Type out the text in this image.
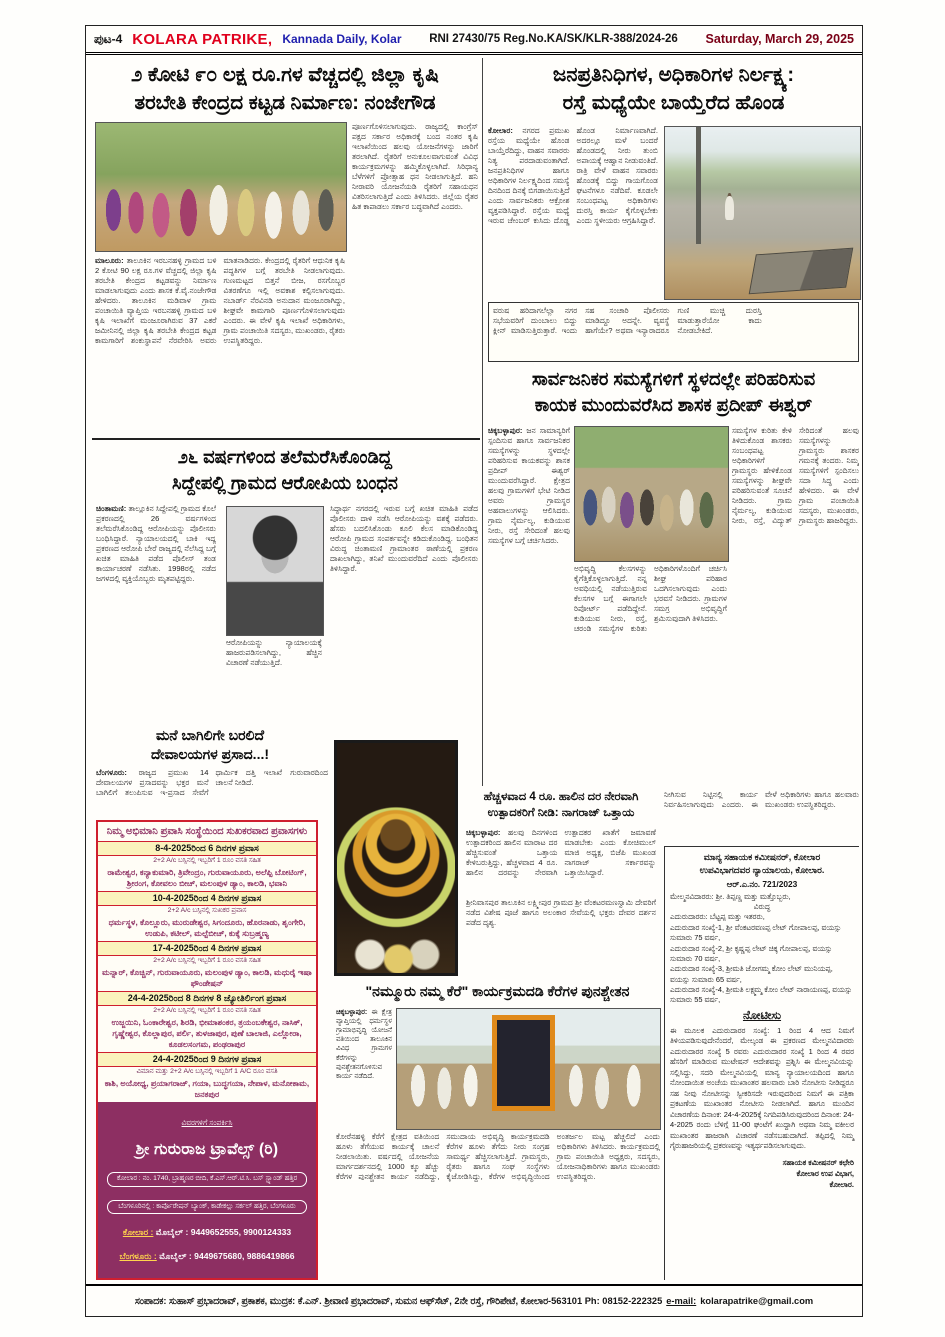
ಪುಟ-4 KOLARA PATRIKE, Kannada Daily, Kolar	RNI 27430/75 Reg.No.KA/SK/KLR-388/2024-26	Saturday, March 29, 2025
೨ ಕೋಟಿ ೯೦ ಲಕ್ಷ ರೂ.ಗಳ ವೆಚ್ಚದಲ್ಲಿ ಜಿಲ್ಲಾ ಕೃಷಿ
ತರಬೇತಿ ಕೇಂದ್ರದ ಕಟ್ಟಡ ನಿರ್ಮಾಣ: ನಂಜೇಗೌಡ
ಪೂರ್ಣಗೊಳಿಸಲಾಗುವುದು. ರಾಜ್ಯದಲ್ಲಿ ಕಾಂಗ್ರೆಸ್ ಪಕ್ಷದ ಸರ್ಕಾರ ಅಧಿಕಾರಕ್ಕೆ ಬಂದ ನಂತರ ಕೃಷಿ ಇಲಾಖೆಯಿಂದ ಹಲವು ಯೋಜನೆಗಳನ್ನು ಜಾರಿಗೆ ತರಲಾಗಿದೆ. ರೈತರಿಗೆ ಅನುಕೂಲವಾಗುವಂತೆ ವಿವಿಧ ಕಾರ್ಯಕ್ರಮಗಳನ್ನು ಹಮ್ಮಿಕೊಳ್ಳಲಾಗಿದೆ. ಸಿರಿಧಾನ್ಯ ಬೆಳೆಗಳಿಗೆ ಪ್ರೋತ್ಸಾಹ ಧನ ನೀಡಲಾಗುತ್ತಿದೆ. ಹನಿ ನೀರಾವರಿ ಯೋಜನೆಯಡಿ ರೈತರಿಗೆ ಸಹಾಯಧನ ವಿತರಿಸಲಾಗುತ್ತಿದೆ ಎಂದು ತಿಳಿಸಿದರು. ಜಿಲ್ಲೆಯ ರೈತರ ಹಿತ ಕಾಪಾಡಲು ಸರ್ಕಾರ ಬದ್ಧವಾಗಿದೆ ಎಂದರು.
ಮಾಲೂರು: ತಾಲೂಕಿನ ಇರಬನಹಳ್ಳಿ ಗ್ರಾಮದ ಬಳಿ 2 ಕೋಟಿ 90 ಲಕ್ಷ ರೂ.ಗಳ ವೆಚ್ಚದಲ್ಲಿ ಜಿಲ್ಲಾ ಕೃಷಿ ತರಬೇತಿ ಕೇಂದ್ರದ ಕಟ್ಟಡವನ್ನು ನಿರ್ಮಾಣ ಮಾಡಲಾಗುವುದು ಎಂದು ಶಾಸಕ ಕೆ.ವೈ.ನಂಜೇಗೌಡ ಹೇಳಿದರು. ತಾಲೂಕಿನ ಮಡಿವಾಳ ಗ್ರಾಮ ಪಂಚಾಯಿತಿ ವ್ಯಾಪ್ತಿಯ ಇರಬನಹಳ್ಳಿ ಗ್ರಾಮದ ಬಳಿ ಕೃಷಿ ಇಲಾಖೆಗೆ ಮಂಜೂರಾಗಿರುವ 37 ಎಕರೆ ಜಮೀನಿನಲ್ಲಿ ಜಿಲ್ಲಾ ಕೃಷಿ ತರಬೇತಿ ಕೇಂದ್ರದ ಕಟ್ಟಡ ಕಾಮಗಾರಿಗೆ ಶಂಕುಸ್ಥಾಪನೆ ನೆರವೇರಿಸಿ ಅವರು ಮಾತನಾಡಿದರು. ಕೇಂದ್ರದಲ್ಲಿ ರೈತರಿಗೆ ಆಧುನಿಕ ಕೃಷಿ ಪದ್ಧತಿಗಳ ಬಗ್ಗೆ ತರಬೇತಿ ನೀಡಲಾಗುವುದು. ಗುಣಮಟ್ಟದ ಬಿತ್ತನೆ ಬೀಜ, ರಸಗೊಬ್ಬರ ವಿತರಣೆಗೂ ಇಲ್ಲಿ ಅವಕಾಶ ಕಲ್ಪಿಸಲಾಗುವುದು. ನಬಾರ್ಡ್ ನೆರವಿನಡಿ ಅನುದಾನ ಮಂಜೂರಾಗಿದ್ದು, ಶೀಘ್ರವೇ ಕಾಮಗಾರಿ ಪೂರ್ಣಗೊಳಿಸಲಾಗುವುದು ಎಂದರು. ಈ ವೇಳೆ ಕೃಷಿ ಇಲಾಖೆ ಅಧಿಕಾರಿಗಳು, ಗ್ರಾಮ ಪಂಚಾಯಿತಿ ಸದಸ್ಯರು, ಮುಖಂಡರು, ರೈತರು ಉಪಸ್ಥಿತರಿದ್ದರು.
೨೬ ವರ್ಷಗಳಿಂದ ತಲೆಮರೆಸಿಕೊಂಡಿದ್ದ
ಸಿದ್ದೇಪಲ್ಲಿ ಗ್ರಾಮದ ಆರೋಪಿಯ ಬಂಧನ
ಚಿಂತಾಮಣಿ: ತಾಲ್ಲೂಕಿನ ಸಿದ್ದೇಪಲ್ಲಿ ಗ್ರಾಮದ ಕೊಲೆ ಪ್ರಕರಣದಲ್ಲಿ 26 ವರ್ಷಗಳಿಂದ ತಲೆಮರೆಸಿಕೊಂಡಿದ್ದ ಆರೋಪಿಯನ್ನು ಪೊಲೀಸರು ಬಂಧಿಸಿದ್ದಾರೆ. ನ್ಯಾಯಾಲಯದಲ್ಲಿ ಬಾಕಿ ಇದ್ದ ಪ್ರಕರಣದ ಆರೋಪಿ ಬೇರೆ ರಾಜ್ಯದಲ್ಲಿ ನೆಲೆಸಿದ್ದ ಬಗ್ಗೆ ಖಚಿತ ಮಾಹಿತಿ ಪಡೆದ ಪೊಲೀಸ್ ತಂಡ ಕಾರ್ಯಾಚರಣೆ ನಡೆಸಿತು. 1998ರಲ್ಲಿ ನಡೆದ ಜಗಳದಲ್ಲಿ ವ್ಯಕ್ತಿಯೊಬ್ಬರು ಮೃತಪಟ್ಟಿದ್ದರು.
ಆರೋಪಿಯನ್ನು ನ್ಯಾಯಾಲಯಕ್ಕೆ ಹಾಜರುಪಡಿಸಲಾಗಿದ್ದು, ಹೆಚ್ಚಿನ ವಿಚಾರಣೆ ನಡೆಯುತ್ತಿದೆ.
ಸಿದ್ಧಾರ್ಥ ನಗರದಲ್ಲಿ ಇರುವ ಬಗ್ಗೆ ಖಚಿತ ಮಾಹಿತಿ ಪಡೆದ ಪೊಲೀಸರು ದಾಳಿ ನಡೆಸಿ ಆರೋಪಿಯನ್ನು ವಶಕ್ಕೆ ಪಡೆದರು. ಹೆಸರು ಬದಲಿಸಿಕೊಂಡು ಕೂಲಿ ಕೆಲಸ ಮಾಡಿಕೊಂಡಿದ್ದ ಆರೋಪಿ ಗ್ರಾಮದ ಸಂಪರ್ಕವನ್ನೇ ಕಡಿದುಕೊಂಡಿದ್ದ. ಬಂಧಿತನ ವಿರುದ್ಧ ಚಿಂತಾಮಣಿ ಗ್ರಾಮಾಂತರ ಠಾಣೆಯಲ್ಲಿ ಪ್ರಕರಣ ದಾಖಲಾಗಿದ್ದು, ತನಿಖೆ ಮುಂದುವರೆದಿದೆ ಎಂದು ಪೊಲೀಸರು ತಿಳಿಸಿದ್ದಾರೆ.
ಮನೆ ಬಾಗಿಲಿಗೇ ಬರಲಿದೆ
ದೇವಾಲಯಗಳ ಪ್ರಸಾದ...!
ಬೆಂಗಳೂರು: ರಾಜ್ಯದ ಪ್ರಮುಖ 14 ದೇವಾಲಯಗಳ ಪ್ರಸಾದವನ್ನು ಭಕ್ತರ ಮನೆ ಬಾಗಿಲಿಗೆ ತಲುಪಿಸುವ ಇ-ಪ್ರಸಾದ ಸೇವೆಗೆ ಧಾರ್ಮಿಕ ದತ್ತಿ ಇಲಾಖೆ ಗುರುವಾರದಿಂದ ಚಾಲನೆ ನೀಡಿದೆ.
ನಿಮ್ಮ ಅಭಿಮಾನಿ ಪ್ರವಾಸಿ ಸಂಸ್ಥೆಯಿಂದ ಸುಖಕರವಾದ ಪ್ರವಾಸಗಳು
8-4-2025ರಿಂದ 6 ದಿನಗಳ ಪ್ರವಾಸ
2+2 A/c ಬಸ್ಸಿನಲ್ಲಿ ಇಬ್ಬರಿಗೆ 1 ರೂಂ ವಸತಿ ಸಹಿತ
ರಾಮೇಶ್ವರ, ಕನ್ಯಾಕುಮಾರಿ, ತ್ರಿವೇಂದ್ರಂ, ಗುರುವಾಯೂರು, ಅಲೆಪ್ಪಿ ಬೋಟಿಂಗ್, ಶ್ರೀರಂಗ, ಕೋವಲಂ ಬೀಚ್, ಮಲಂಪುಳ ಡ್ಯಾಂ, ಕಾಲಡಿ, ಭವಾನಿ
10-4-2025ರಿಂದ 4 ದಿನಗಳ ಪ್ರವಾಸ
2+2 A/c ಬಸ್ಸಿನಲ್ಲಿ ಸುಖಕರ ಪ್ರವಾಸ
ಧರ್ಮಸ್ಥಳ, ಕೊಲ್ಲೂರು, ಮುರುಡೇಶ್ವರ, ಸಿಗಂದೂರು, ಹೊರನಾಡು, ಶೃಂಗೇರಿ, ಉಡುಪಿ, ಕಟೀಲ್, ಮಲ್ಪೆಬೀಚ್, ಕುಕ್ಕೆ ಸುಬ್ರಹ್ಮಣ್ಯ
17-4-2025ರಿಂದ 4 ದಿನಗಳ ಪ್ರವಾಸ
2+2 A/c ಬಸ್ಸಿನಲ್ಲಿ ಇಬ್ಬರಿಗೆ 1 ರೂಂ ವಸತಿ ಸಹಿತ
ಮನ್ನಾರ್, ಕೊಚ್ಚಿನ್, ಗುರುವಾಯೂರು, ಮಲಂಪುಳ ಡ್ಯಾಂ, ಕಾಲಡಿ, ಮಧುರೈ ಇಷಾ ಫೌಂಡೇಷನ್
24-4-2025ರಿಂದ 8 ದಿನಗಳ 8 ಜ್ಯೋತಿರ್ಲಿಂಗ ಪ್ರವಾಸ
2+2 A/c ಬಸ್ಸಿನಲ್ಲಿ ಇಬ್ಬರಿಗೆ 1 ರೂಂ ವಸತಿ ಸಹಿತ
ಉಜ್ಜಯಿನಿ, ಓಂಕಾರೇಶ್ವರ, ಶಿರಡಿ, ಭೀಮಾಶಂಕರ, ತ್ರಯಂಬಕೇಶ್ವರ, ನಾಸಿಕ್, ಗೃಷ್ಣೇಶ್ವರ, ಕೊಲ್ಲಾಪುರ, ಪರ್ಲಿ, ತುಳಜಾಪುರ, ಪುಣೆ ಬಾಲಾಜಿ, ಎಲ್ಲೋರಾ, ಕೂಡಲಸಂಗಮ, ಪಂಢರಾಪುರ
24-4-2025ರಿಂದ 9 ದಿನಗಳ ಪ್ರವಾಸ
ವಿಮಾನ ಮತ್ತು 2+2 A/c ಬಸ್ಸಿನಲ್ಲಿ ಇಬ್ಬರಿಗೆ 1 A/C ರೂಂ ವಸತಿ
ಕಾಶಿ, ಅಯೋಧ್ಯ, ಪ್ರಯಾಗರಾಜ್, ಗಯಾ, ಬುದ್ಧಗಯಾ, ನೇಪಾಳ, ಮನೋಕಾಮ, ಜನಕಪುರ
ವಿವರಗಳಿಗೆ ಸಂಪರ್ಕಿಸಿ
ಶ್ರೀ ಗುರುರಾಜ ಟ್ರಾವೆಲ್ಸ್ (ರಿ)
ಕೋಲಾರ : ನಂ. 1740, ಬ್ರಾಹ್ಮಣರ ಬೀದಿ, ಕೆ.ಎಸ್.ಆರ್.ಟಿ.ಸಿ. ಬಸ್ ಸ್ಟ್ಯಾಂಡ್ ಹತ್ತಿರ
ಬೆಂಗಳೂರಿನಲ್ಲಿ : ಕಾರ್ಪೊರೇಷನ್ ಬ್ಯಾಂಕ್, ಕಾಡೇಕಲ್ಲು ಸರ್ಕಲ್ ಹತ್ತಿರ, ಬೆಂಗಳೂರು
ಕೋಲಾರ : ಮೊಬೈಲ್ : 9449652555, 9900124333
ಬೆಂಗಳೂರು : ಮೊಬೈಲ್ : 9449675680, 9886419866
ಹೆಚ್ಚಳವಾದ 4 ರೂ. ಹಾಲಿನ ದರ ನೇರವಾಗಿ
ಉತ್ಪಾದಕರಿಗೆ ನೀಡಿ: ನಾಗರಾಜ್ ಒತ್ತಾಯ
ಚಿಕ್ಕಬಳ್ಳಾಪುರ: ಹಲವು ದಿನಗಳಿಂದ ಉತ್ಪಾದಕರಿಂದ ಹಾಲಿನ ಮಾರಾಟ ದರ ಹೆಚ್ಚಿಸುವಂತೆ ಒತ್ತಾಯ ಕೇಳಿಬರುತ್ತಿದ್ದು, ಹೆಚ್ಚಳವಾದ 4 ರೂ. ಹಾಲಿನ ದರವನ್ನು ನೇರವಾಗಿ ಉತ್ಪಾದಕರ ಖಾತೆಗೆ ಜಮಾವಣೆ ಮಾಡಬೇಕು ಎಂದು ಕೋಚಿಮುಲ್ ಮಾಜಿ ಅಧ್ಯಕ್ಷ, ಬಿಜೆಪಿ ಮುಖಂಡ ನಾಗರಾಜ್ ಸರ್ಕಾರವನ್ನು ಒತ್ತಾಯಿಸಿದ್ದಾರೆ.
ಶ್ರೀನಿವಾಸಪುರ ತಾಲೂಕಿನ ಲಕ್ಷ್ಮೀಪುರ ಗ್ರಾಮದ ಶ್ರೀ ವೆಂಕಟರಮಣಸ್ವಾಮಿ ದೇವರಿಗೆ ನಡೆದ ವಿಶೇಷ ಪೂಜೆ ಹಾಗೂ ಅಲಂಕಾರ ಸೇವೆಯಲ್ಲಿ ಭಕ್ತರು ದೇವರ ದರ್ಶನ ಪಡೆದ ದೃಶ್ಯ.
"ನಮ್ಮೂರು ನಮ್ಮ ಕೆರೆ" ಕಾರ್ಯಕ್ರಮದಡಿ ಕೆರೆಗಳ ಪುನಶ್ಚೇತನ
ಚಿಕ್ಕಬಳ್ಳಾಪುರ: ಈ ಕ್ಷೇತ್ರ ವ್ಯಾಪ್ತಿಯಲ್ಲಿ ಧರ್ಮಸ್ಥಳ ಗ್ರಾಮಾಭಿವೃದ್ಧಿ ಯೋಜನೆ ವತಿಯಿಂದ ತಾಲೂಕಿನ ವಿವಿಧ ಗ್ರಾಮಗಳ ಕೆರೆಗಳನ್ನು ಪುನಶ್ಚೇತನಗೊಳಿಸುವ ಕಾರ್ಯ ನಡೆದಿದೆ.
ಕೋರೆನಹಳ್ಳಿ ಕೆರೆಗೆ ಕ್ಷೇತ್ರದ ವತಿಯಿಂದ ಹೂಳು ತೆಗೆಯುವ ಕಾರ್ಯಕ್ಕೆ ಚಾಲನೆ ನೀಡಲಾಯಿತು. ವರ್ಷದಲ್ಲಿ ಯೋಜನೆಯ ಮಾರ್ಗದರ್ಶನದಲ್ಲಿ 1000 ಕ್ಕೂ ಹೆಚ್ಚು ಕೆರೆಗಳ ಪುನಶ್ಚೇತನ ಕಾರ್ಯ ನಡೆದಿದ್ದು, ಸಮುದಾಯ ಅಭಿವೃದ್ಧಿ ಕಾರ್ಯಕ್ರಮದಡಿ ಕೆರೆಗಳ ಹೂಳು ತೆಗೆದು ನೀರು ಸಂಗ್ರಹ ಸಾಮರ್ಥ್ಯ ಹೆಚ್ಚಿಸಲಾಗುತ್ತಿದೆ. ಗ್ರಾಮಸ್ಥರು, ರೈತರು ಹಾಗೂ ಸಂಘ ಸಂಸ್ಥೆಗಳು ಕೈಜೋಡಿಸಿದ್ದು, ಕೆರೆಗಳ ಅಭಿವೃದ್ಧಿಯಿಂದ ಅಂತರ್ಜಲ ಮಟ್ಟ ಹೆಚ್ಚಲಿದೆ ಎಂದು ಅಧಿಕಾರಿಗಳು ತಿಳಿಸಿದರು. ಕಾರ್ಯಕ್ರಮದಲ್ಲಿ ಗ್ರಾಮ ಪಂಚಾಯಿತಿ ಅಧ್ಯಕ್ಷರು, ಸದಸ್ಯರು, ಯೋಜನಾಧಿಕಾರಿಗಳು ಹಾಗೂ ಮುಖಂಡರು ಉಪಸ್ಥಿತರಿದ್ದರು.
ಜನಪ್ರತಿನಿಧಿಗಳ, ಅಧಿಕಾರಿಗಳ ನಿರ್ಲಕ್ಷ್ಯ:
ರಸ್ತೆ ಮಧ್ಯೆಯೇ ಬಾಯ್ತೆರೆದ ಹೊಂಡ
ಕೋಲಾರ: ನಗರದ ಪ್ರಮುಖ ರಸ್ತೆಯ ಮಧ್ಯೆಯೇ ಹೊಂಡ ಬಾಯ್ತೆರೆದಿದ್ದು, ವಾಹನ ಸವಾರರು ನಿತ್ಯ ಪರದಾಡುವಂತಾಗಿದೆ. ಜನಪ್ರತಿನಿಧಿಗಳ ಹಾಗೂ ಅಧಿಕಾರಿಗಳ ನಿರ್ಲಕ್ಷ್ಯದಿಂದ ಸಮಸ್ಯೆ ದಿನದಿಂದ ದಿನಕ್ಕೆ ಬಿಗಡಾಯಿಸುತ್ತಿದೆ ಎಂದು ಸಾರ್ವಜನಿಕರು ಆಕ್ರೋಶ ವ್ಯಕ್ತಪಡಿಸಿದ್ದಾರೆ. ರಸ್ತೆಯ ಮಧ್ಯೆ ಇರುವ ಚೇಂಬರ್ ಕುಸಿದು ದೊಡ್ಡ ಹೊಂಡ ನಿರ್ಮಾಣವಾಗಿದೆ. ಅದರಲ್ಲೂ ಮಳೆ ಬಂದರೆ ಹೊಂಡದಲ್ಲಿ ನೀರು ತುಂಬಿ ಅಪಾಯಕ್ಕೆ ಆಹ್ವಾನ ನೀಡುವಂತಿದೆ. ರಾತ್ರಿ ವೇಳೆ ವಾಹನ ಸವಾರರು ಹೊಂಡಕ್ಕೆ ಬಿದ್ದು ಗಾಯಗೊಂಡ ಘಟನೆಗಳೂ ನಡೆದಿವೆ. ಕೂಡಲೇ ಸಂಬಂಧಪಟ್ಟ ಅಧಿಕಾರಿಗಳು ದುರಸ್ತಿ ಕಾರ್ಯ ಕೈಗೊಳ್ಳಬೇಕು ಎಂದು ಸ್ಥಳೀಯರು ಆಗ್ರಹಿಸಿದ್ದಾರೆ.
ವರುಷ ಹರಿದಾಗಲೆಲ್ಲಾ ನಗರ ಸಭೆಯವರಿಗೆ ದುಂಬಾಲು ಬಿದ್ದು ಕ್ಲೀನ್ ಮಾಡಿಸುತ್ತಿರುತ್ತಾರೆ. ಇಂದು ಸಹ ಸಂಚಾರಿ ಪೊಲೀಸರು ಮಾಡಿದ್ದೂ ಅದನ್ನೇ. ವ್ಯವಸ್ಥೆ ಹಾಗೆಯೇ? ಅಥವಾ ಇನ್ಯಾರಾದರೂ ಗುಣಿ ಮುಚ್ಚಿ ದುರಸ್ತಿ ಮಾಡುತ್ತಾರೆಯೋ ಕಾದು ನೋಡಬೇಕಿದೆ.
ಸಾರ್ವಜನಿಕರ ಸಮಸ್ಯೆಗಳಿಗೆ ಸ್ಥಳದಲ್ಲೇ ಪರಿಹರಿಸುವ
ಕಾಯಕ ಮುಂದುವರೆಸಿದ ಶಾಸಕ ಪ್ರದೀಪ್ ಈಶ್ವರ್
ಚಿಕ್ಕಬಳ್ಳಾಪುರ: ಜನ ಸಾಮಾನ್ಯರಿಗೆ ಸ್ಪಂದಿಸುವ ಹಾಗೂ ಸಾರ್ವಜನಿಕರ ಸಮಸ್ಯೆಗಳನ್ನು ಸ್ಥಳದಲ್ಲೇ ಪರಿಹರಿಸುವ ಕಾಯಕವನ್ನು ಶಾಸಕ ಪ್ರದೀಪ್ ಈಶ್ವರ್ ಮುಂದುವರೆಸಿದ್ದಾರೆ. ಕ್ಷೇತ್ರದ ಹಲವು ಗ್ರಾಮಗಳಿಗೆ ಭೇಟಿ ನೀಡಿದ ಅವರು ಗ್ರಾಮಸ್ಥರ ಅಹವಾಲುಗಳನ್ನು ಆಲಿಸಿದರು. ಗ್ರಾಮ ನೈರ್ಮಲ್ಯ, ಕುಡಿಯುವ ನೀರು, ರಸ್ತೆ ಸೇರಿದಂತೆ ಹಲವು ಸಮಸ್ಯೆಗಳ ಬಗ್ಗೆ ಚರ್ಚಿಸಿದರು.
ಅಭಿವೃದ್ಧಿ ಕೆಲಸಗಳನ್ನು ಕೈಗೆತ್ತಿಕೊಳ್ಳಲಾಗುತ್ತಿದೆ. ನನ್ನ ಅವಧಿಯಲ್ಲಿ ನಡೆಯುತ್ತಿರುವ ಕೆಲಸಗಳ ಬಗ್ಗೆ ಈಗಾಗಲೇ ರಿಪೋರ್ಟ್ ಪಡೆದಿದ್ದೇನೆ. ಕುಡಿಯುವ ನೀರು, ರಸ್ತೆ, ಚರಂಡಿ ಸಮಸ್ಯೆಗಳ ಕುರಿತು ಅಧಿಕಾರಿಗಳೊಂದಿಗೆ ಚರ್ಚಿಸಿ ಶೀಘ್ರ ಪರಿಹಾರ ಒದಗಿಸಲಾಗುವುದು ಎಂದು ಭರವಸೆ ನೀಡಿದರು. ಗ್ರಾಮಗಳ ಸಮಗ್ರ ಅಭಿವೃದ್ಧಿಗೆ ಶ್ರಮಿಸುವುದಾಗಿ ತಿಳಿಸಿದರು.
ಸಮಸ್ಯೆಗಳ ಕುರಿತು ಕೇಳಿ ತಿಳಿದುಕೊಂಡ ಶಾಸಕರು ಸಂಬಂಧಪಟ್ಟ ಅಧಿಕಾರಿಗಳಿಗೆ ಗ್ರಾಮಸ್ಥರು ಹೇಳಿಕೊಂಡ ಸಮಸ್ಯೆಗಳನ್ನು ಶೀಘ್ರವೇ ಪರಿಹರಿಸುವಂತೆ ಸೂಚನೆ ನೀಡಿದರು. ಗ್ರಾಮ ನೈರ್ಮಲ್ಯ, ಕುಡಿಯುವ ನೀರು, ರಸ್ತೆ, ವಿದ್ಯುತ್ ಸೇರಿದಂತೆ ಹಲವು ಸಮಸ್ಯೆಗಳನ್ನು ಗ್ರಾಮಸ್ಥರು ಶಾಸಕರ ಗಮನಕ್ಕೆ ತಂದರು. ನಿಮ್ಮ ಸಮಸ್ಯೆಗಳಿಗೆ ಸ್ಪಂದಿಸಲು ಸದಾ ಸಿದ್ಧ ಎಂದು ಹೇಳಿದರು. ಈ ವೇಳೆ ಗ್ರಾಮ ಪಂಚಾಯಿತಿ ಸದಸ್ಯರು, ಮುಖಂಡರು, ಗ್ರಾಮಸ್ಥರು ಹಾಜರಿದ್ದರು.
ನೀಗಿಸುವ ನಿಟ್ಟಿನಲ್ಲಿ ಕಾರ್ಯ ನಿರ್ವಹಿಸಲಾಗುವುದು ಎಂದರು. ಈ ವೇಳೆ ಅಧಿಕಾರಿಗಳು ಹಾಗೂ ಹಲವಾರು ಮುಖಂಡರು ಉಪಸ್ಥಿತರಿದ್ದರು.
ಮಾನ್ಯ ಸಹಾಯಕ ಕಮೀಷನರ್, ಕೋಲಾರ
ಉಪವಿಭಾಗದವರ ನ್ಯಾಯಾಲಯ, ಕೋಲಾರ.
ಆರ್.ಎ.ನಂ. 721/2023
ಮೇಲ್ಮನವಿದಾರರು: ಶ್ರೀ. ತಿಪ್ಪಣ್ಣ ಮತ್ತು ಮತ್ತೊಬ್ಬರು,
ವಿರುದ್ಧ
ಎದುರುದಾರರು: ಬೆಟ್ಟಪ್ಪ ಮತ್ತು ಇತರರು,
ಎದುರುದಾರ ಸಂಖ್ಯೆ-1, ಶ್ರೀ ವೆಂಕಟರವಣಪ್ಪ ಲೇಟ್ ಗೋಪಾಲಪ್ಪ, ವಯಸ್ಸು ಸುಮಾರು 75 ವರ್ಷ,
ಎದುರುದಾರ ಸಂಖ್ಯೆ-2, ಶ್ರೀ ಕೃಷ್ಣಪ್ಪ ಲೇಟ್ ಚಿಕ್ಕ ಗೋಪಾಲಪ್ಪ, ವಯಸ್ಸು ಸುಮಾರು 70 ವರ್ಷ,
ಎದುರುದಾರ ಸಂಖ್ಯೆ-3, ಶ್ರೀಮತಿ ಜೋಗಮ್ಮ ಕೋಂ ಲೇಟ್ ಮುನಿಯಪ್ಪ, ವಯಸ್ಸು ಸುಮಾರು 65 ವರ್ಷ,
ಎದುರುದಾರ ಸಂಖ್ಯೆ-4, ಶ್ರೀಮತಿ ಲಕ್ಷ್ಮಮ್ಮ ಕೋಂ ಲೇಟ್ ನಾರಾಯಣಪ್ಪ, ವಯಸ್ಸು ಸುಮಾರು 55 ವರ್ಷ,
ನೋಟೀಸು
ಈ ಮೂಲಕ ಎದುರುದಾರರ ಸಂಖ್ಯೆ: 1 ರಿಂದ 4 ಆದ ನಿಮಗೆ ತಿಳಿಯಪಡಿಸುವುದೇನೆಂದರೆ, ಮೇಲ್ಕಂಡ ಈ ಪ್ರಕರಣದ ಮೇಲ್ಮನವಿದಾರರು ಎದುರುದಾರರ ಸಂಖ್ಯೆ 5 ರವರು ಎದುರುದಾರರ ಸಂಖ್ಯೆ 1 ರಿಂದ 4 ರವರ ಹೆಸರಿಗೆ ಮಾಡಿರುವ ಮುಟೇಷನ್ ಆದೇಶವನ್ನು ಪ್ರಶ್ನಿಸಿ ಈ ಮೇಲ್ಮನವಿಯನ್ನು ಸಲ್ಲಿಸಿದ್ದು, ಸದರಿ ಮೇಲ್ಮನವಿಯಲ್ಲಿ ಮಾನ್ಯ ನ್ಯಾಯಾಲಯದಿಂದ ಹಾಗೂ ನೋಂದಾಯಿತ ಅಂಚೆಯ ಮುಖಾಂತರ ಹಲವಾರು ಬಾರಿ ನೋಟೀಸು ನೀಡಿದ್ದರೂ ಸಹ ನೀವು ನೋಟೀಸನ್ನು ಸ್ವೀಕರಿಸದೇ ಇರುವುದರಿಂದ ನಿಮಗೆ ಈ ಪತ್ರಿಕಾ ಪ್ರಕಟಣೆಯ ಮುಖಾಂತರ ನೋಟೀಸು ನೀಡಲಾಗಿದೆ. ಹಾಗೂ ಮುಂದಿನ ವಿಚಾರಣೆಯ ದಿನಾಂಕ: 24-4-2025ಕ್ಕೆ ನಿಗದಿಪಡಿಸಿರುವುದರಿಂದ ದಿನಾಂಕ: 24-4-2025 ರಂದು ಬೆಳಿಗ್ಗೆ 11-00 ಘಂಟೆಗೆ ಖುದ್ದಾಗಿ ಅಥವಾ ನಿಮ್ಮ ವಕೀಲರ ಮುಖಾಂತರ ಹಾಜರಾಗಿ ವಿಚಾರಣೆ ನಡೆಸಬಹುದಾಗಿದೆ. ತಪ್ಪಿದಲ್ಲಿ ನಿಮ್ಮ ಗೈರುಹಾಜರಿಯಲ್ಲಿ ಪ್ರಕರಣವನ್ನು ಇತ್ಯರ್ಥಪಡಿಸಲಾಗುವುದು.
ಸಹಾಯಕ ಕಮೀಷನರ್ ಕಛೇರಿ
ಕೋಲಾರ ಉಪ ವಿಭಾಗ,
ಕೋಲಾರ.
ಸಂಪಾದಕ: ಸುಹಾಸ್ ಪ್ರಭಾದರಾವ್, ಪ್ರಕಾಶಕ, ಮುದ್ರಕ: ಕೆ.ಎನ್. ಶ್ರೀವಾಣಿ ಪ್ರಭಾದರಾವ್, ಸುಮನ ಆಫ್‌ಸೆಟ್, 2ನೇ ರಸ್ತೆ, ಗೌರಿಪೇಟೆ, ಕೋಲಾರ-563101 Ph: 08152-222325 e-mail: kolarapatrike@gmail.com
